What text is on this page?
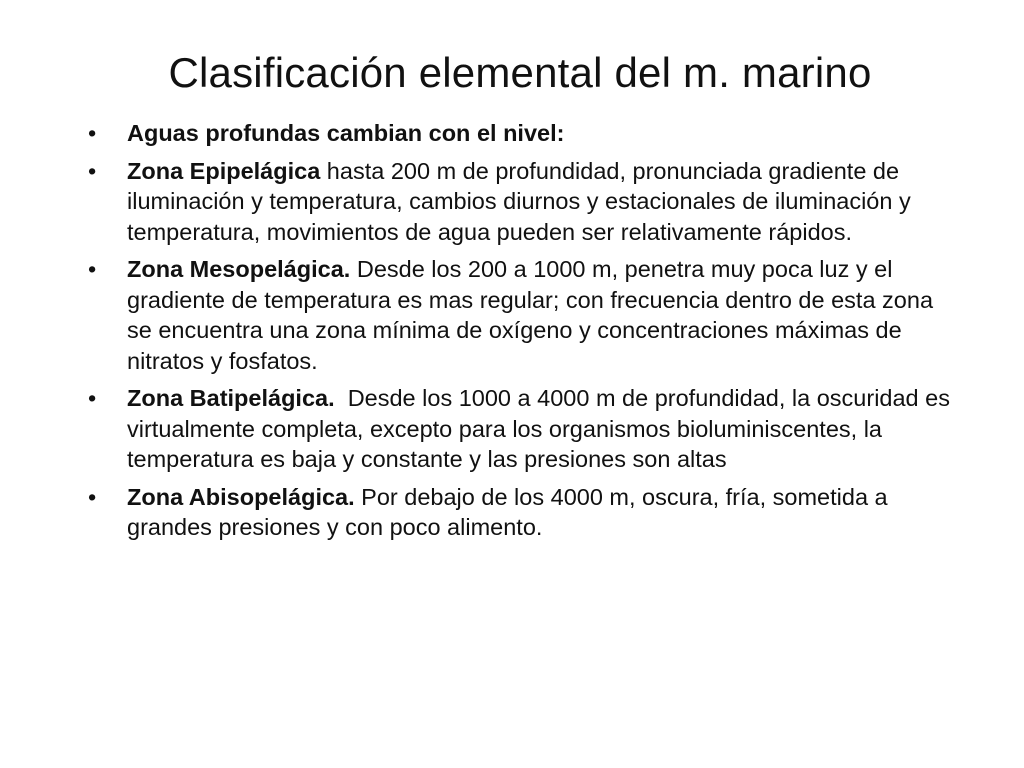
Clasificación elemental del m. marino
• Aguas profundas cambian con el nivel:
• Zona Epipelágica hasta 200 m de profundidad, pronunciada gradiente de iluminación y temperatura, cambios diurnos y estacionales de iluminación y temperatura, movimientos de agua pueden ser relativamente rápidos.
• Zona Mesopelágica. Desde los 200 a 1000 m, penetra muy poca luz y el gradiente de temperatura es mas regular; con frecuencia dentro de esta zona se encuentra una zona mínima de oxígeno y concentraciones máximas de nitratos y fosfatos.
• Zona Batipelágica.  Desde los 1000 a 4000 m de profundidad, la oscuridad es virtualmente completa, excepto para los organismos bioluminiscentes, la temperatura es baja y constante y las presiones son altas
• Zona Abisopelágica. Por debajo de los 4000 m, oscura, fría, sometida a grandes presiones y con poco alimento.
